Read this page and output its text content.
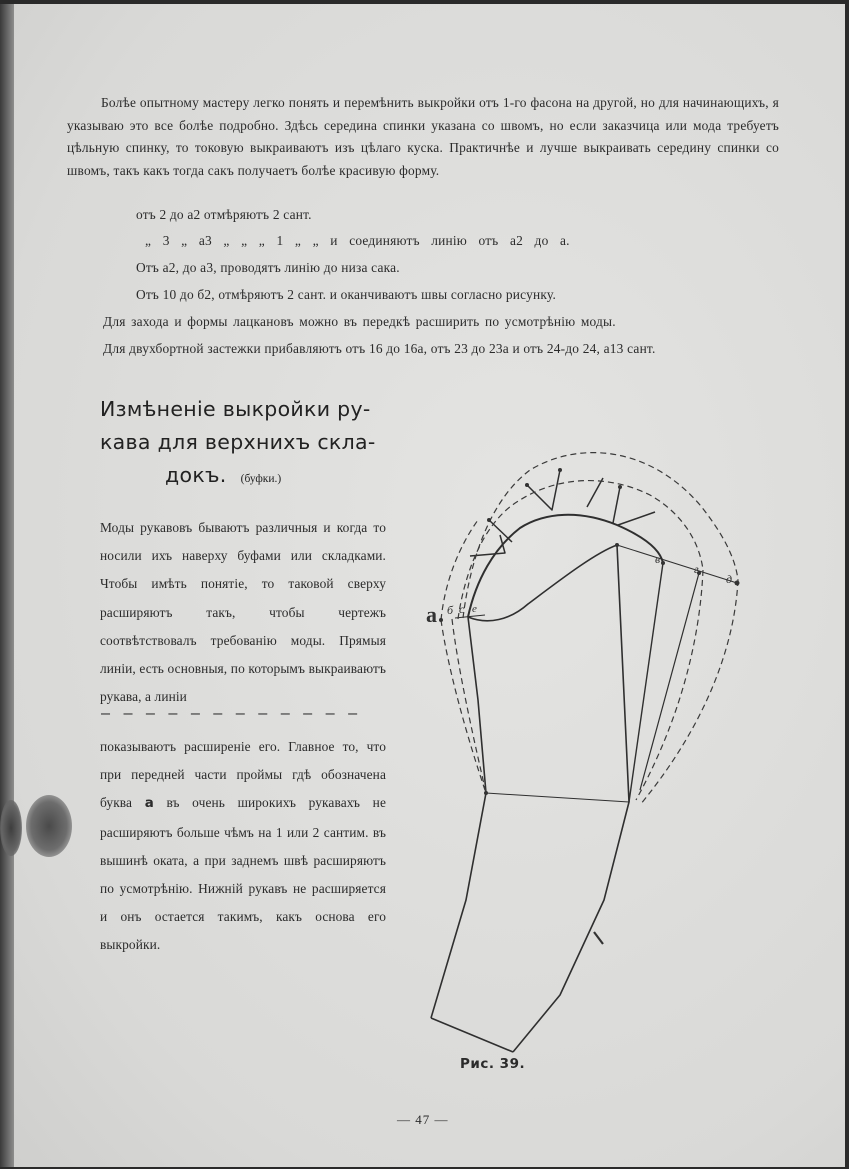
Болѣе опытному мастеру легко понять и перемѣнить выкройки отъ 1-го фасона на другой, но для начинающихъ, я указываю это все болѣе подробно. Здѣсь середина спинки указана со швомъ, но если заказчица или мода требуетъ цѣльную спинку, то токовую выкраиваютъ изъ цѣлаго куска. Практичнѣе и лучше выкраивать середину спинки со швомъ, такъ какъ тогда сакъ получаетъ болѣе красивую форму.

отъ 2 до а2 отмѣряютъ 2 сант.
„ 3 „ а3 „ „ „ 1 „ „ и соединяютъ линію отъ а2 до а.
Отъ а2, до а3, проводятъ линію до низа сака.
Отъ 10 до б2, отмѣряютъ 2 сант. и оканчиваютъ швы согласно рисунку.
Для захода и формы лацкановъ можно въ передкѣ расширить по усмотрѣнію моды.
Для двухбортной застежки прибавляютъ отъ 16 до 16а, отъ 23 до 23а и отъ 24-до 24, а13 сант.
Измѣненіе выкройки ру-
кава для верхнихъ скла-
докъ. (буфки.)

Моды рукавовъ бываютъ различныя и когда то носили ихъ наверху буфами или складками. Чтобы имѣть понятіе, то таковой сверху расширяютъ такъ, чтобы чертежъ соотвѣтствовалъ требованію моды. Прямыя линіи, есть основныя, по которымъ выкраиваютъ рукава, а линіи

— — — — — — — — — — — —

показываютъ расширеніе его. Главное то, что при передней части проймы гдѣ обозначена буква а въ очень широкихъ рукавахъ не расширяютъ больше чѣмъ на 1 или 2 сантим. въ вышинѣ оката, а при заднемъ швѣ расширяютъ по усмотрѣнію. Нижній рукавъ не расширяется и онъ остается такимъ, какъ основа его выкройки.

а б с
в
г
д
е
Рис. 39.
— 47 —
